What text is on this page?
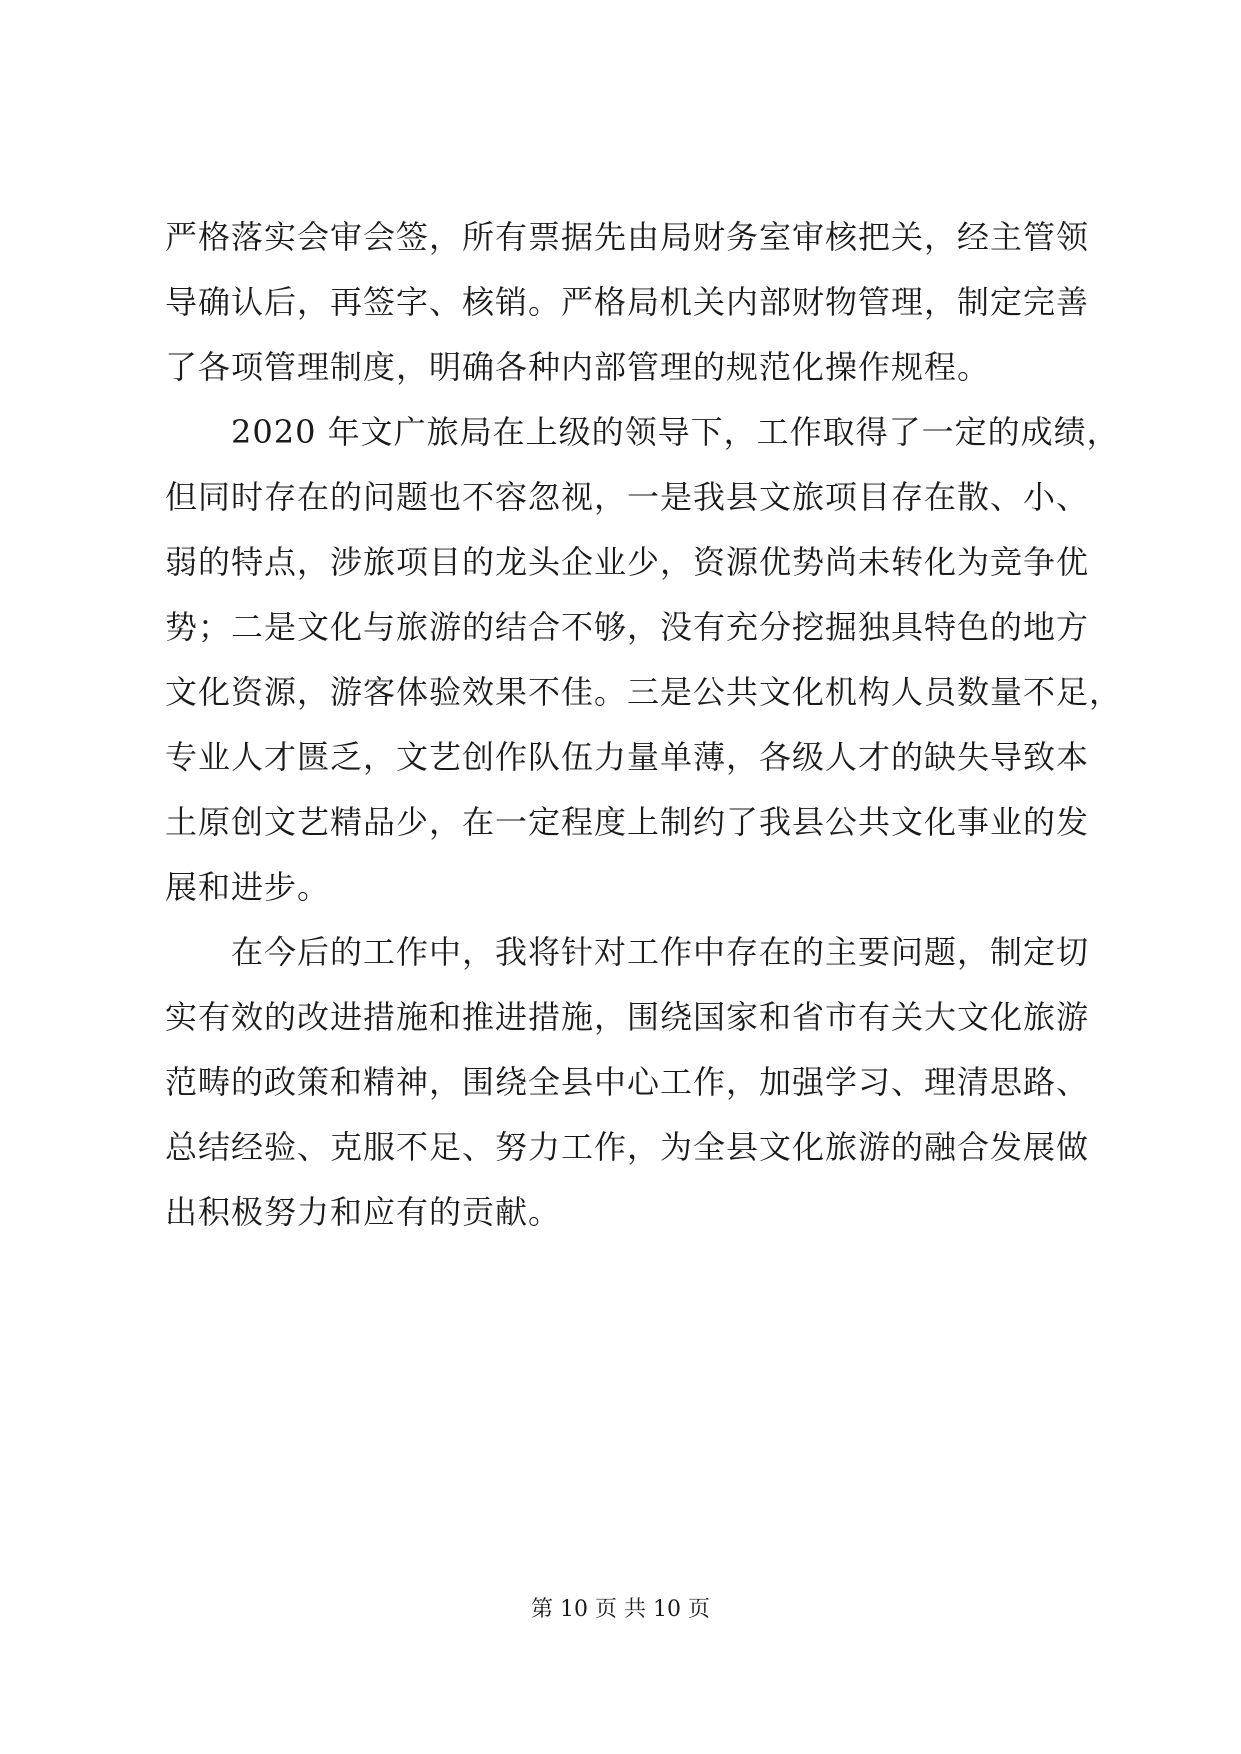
严格落实会审会签，所有票据先由局财务室审核把关，经主管领
导确认后，再签字、核销。严格局机关内部财物管理，制定完善
了各项管理制度，明确各种内部管理的规范化操作规程。
　　2020 年文广旅局在上级的领导下，工作取得了一定的成绩，
但同时存在的问题也不容忽视，一是我县文旅项目存在散、小、
弱的特点，涉旅项目的龙头企业少，资源优势尚未转化为竞争优
势；二是文化与旅游的结合不够，没有充分挖掘独具特色的地方
文化资源，游客体验效果不佳。三是公共文化机构人员数量不足，
专业人才匮乏，文艺创作队伍力量单薄，各级人才的缺失导致本
土原创文艺精品少，在一定程度上制约了我县公共文化事业的发
展和进步。
　　在今后的工作中，我将针对工作中存在的主要问题，制定切
实有效的改进措施和推进措施，围绕国家和省市有关大文化旅游
范畴的政策和精神，围绕全县中心工作，加强学习、理清思路、
总结经验、克服不足、努力工作，为全县文化旅游的融合发展做
出积极努力和应有的贡献。
第 10 页 共 10 页
